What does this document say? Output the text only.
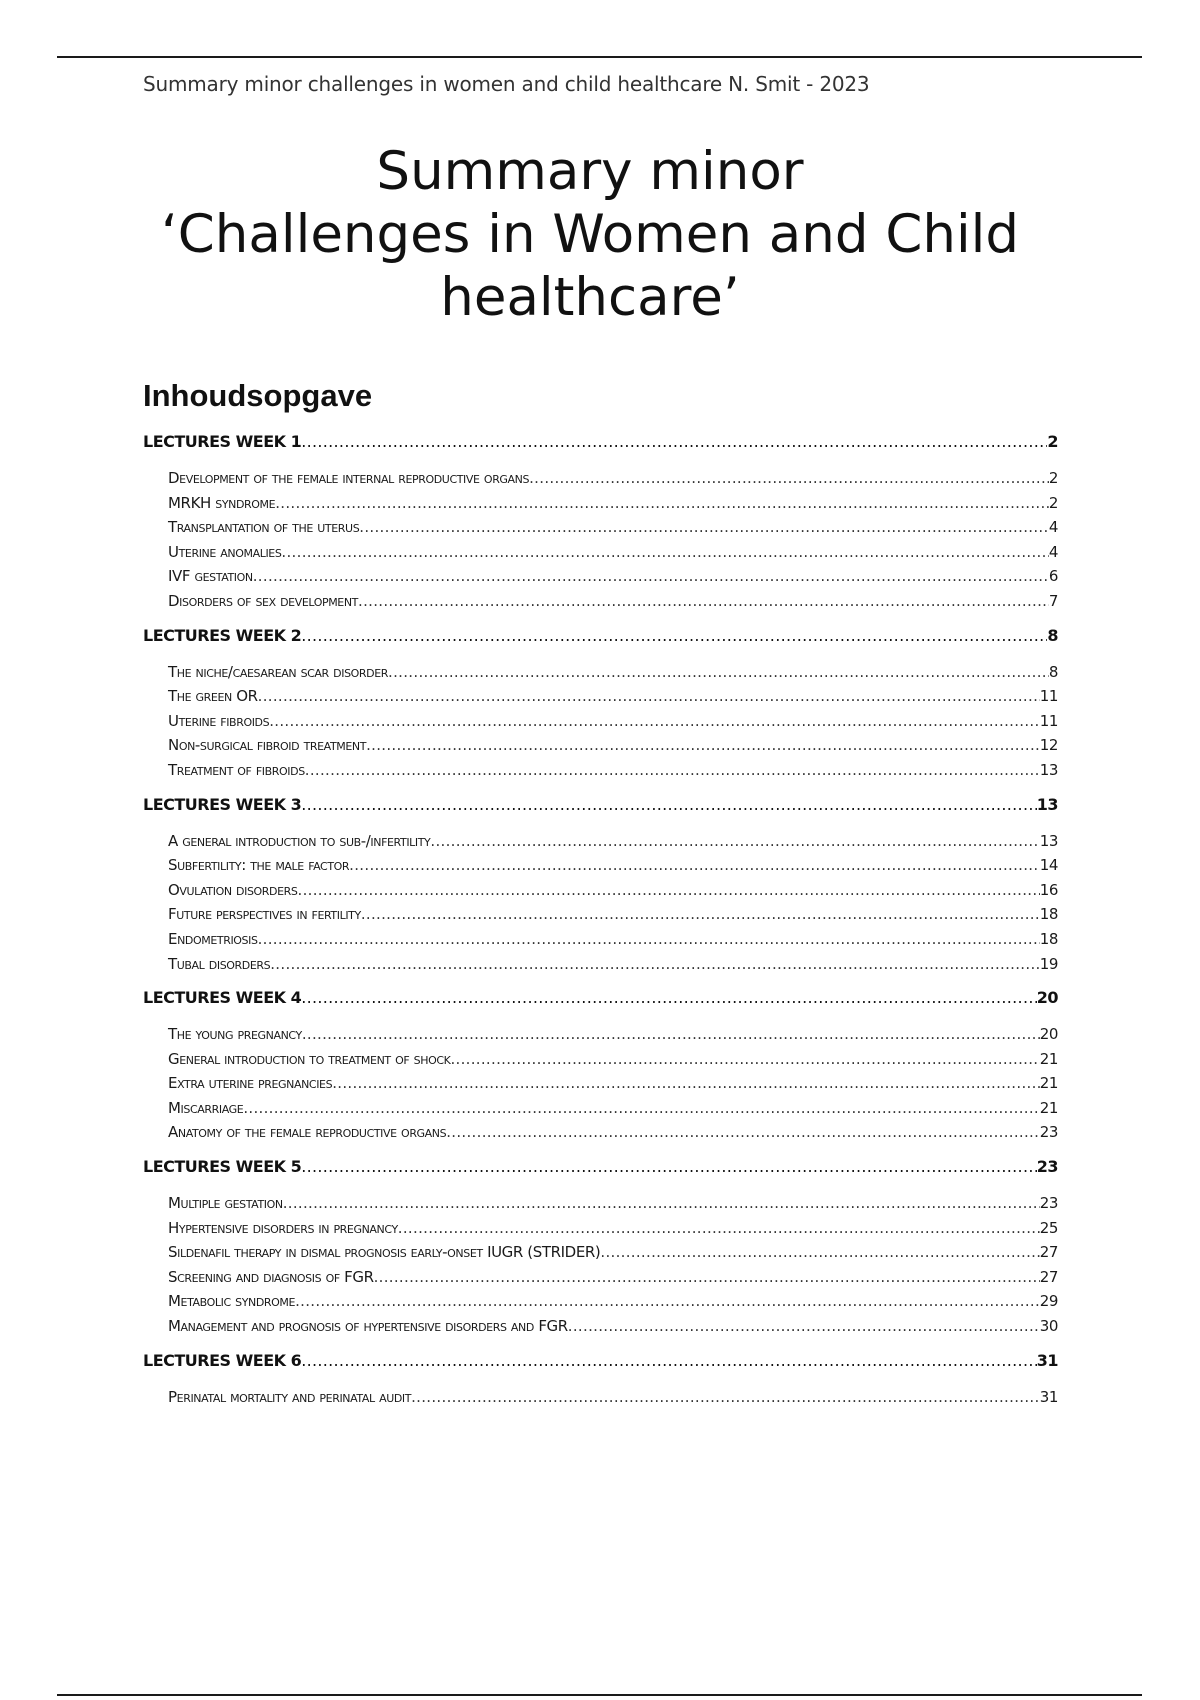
Summary minor challenges in women and child healthcare N. Smit - 2023
Summary minor
‘Challenges in Women and Child
healthcare’
Inhoudsopgave
LECTURES WEEK 1 .....	2
Development of the female internal reproductive organs .....	2
MRKH syndrome .....	2
Transplantation of the uterus .....	4
Uterine anomalies .....	4
IVF gestation .....	6
Disorders of sex development .....	7
LECTURES WEEK 2 .....	8
The niche/caesarean scar disorder .....	8
The green OR .....	11
Uterine fibroids .....	11
Non-surgical fibroid treatment .....	12
Treatment of fibroids .....	13
LECTURES WEEK 3 .....	13
A general introduction to sub-/infertility .....	13
Subfertility: the male factor .....	14
Ovulation disorders .....	16
Future perspectives in fertility .....	18
Endometriosis .....	18
Tubal disorders .....	19
LECTURES WEEK 4 .....	20
The young pregnancy .....	20
General introduction to treatment of shock .....	21
Extra uterine pregnancies .....	21
Miscarriage .....	21
Anatomy of the female reproductive organs .....	23
LECTURES WEEK 5 .....	23
Multiple gestation .....	23
Hypertensive disorders in pregnancy .....	25
Sildenafil therapy in dismal prognosis early-onset IUGR (STRIDER) .....	27
Screening and diagnosis of FGR .....	27
Metabolic syndrome .....	29
Management and prognosis of hypertensive disorders and FGR .....	30
LECTURES WEEK 6 .....	31
Perinatal mortality and perinatal audit .....	31
